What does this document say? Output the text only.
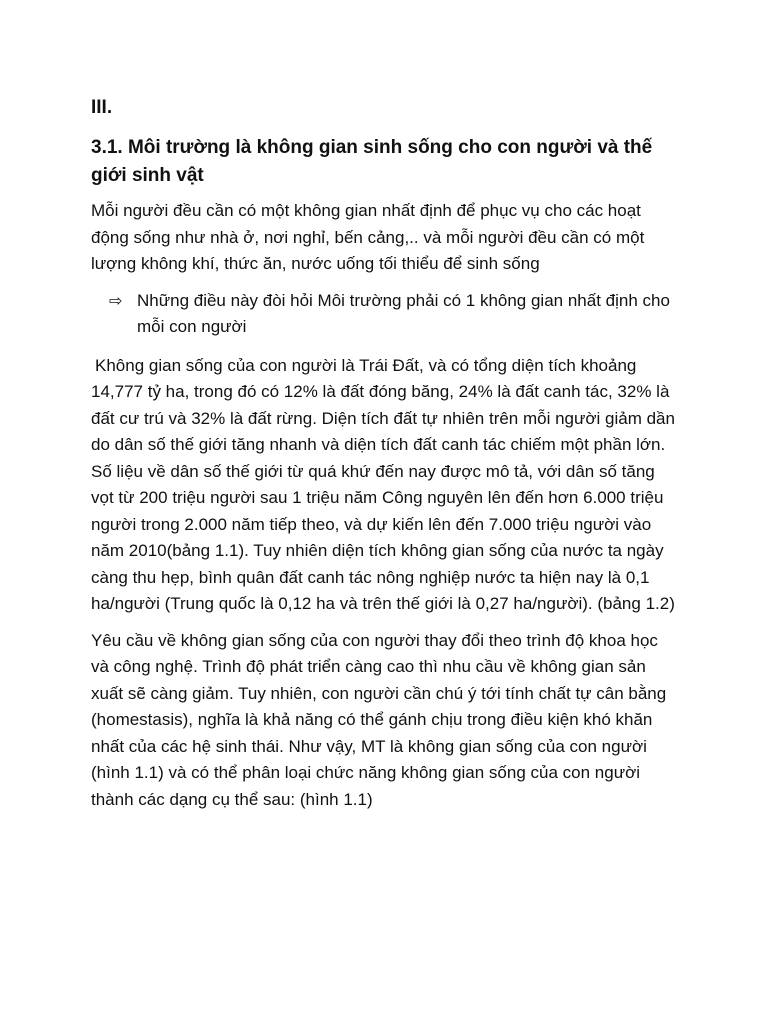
III.
3.1. Môi trường là không gian sinh sống cho con người và thế giới sinh vật

Mỗi người đều cần có một không gian nhất định để phục vụ cho các hoạt động sống như nhà ở, nơi nghỉ, bến cảng,.. và mỗi người đều cần có một lượng không khí, thức ăn, nước uống tối thiểu để sinh sống

⇨ Những điều này đòi hỏi Môi trường phải có 1 không gian nhất định cho mỗi con người

Không gian sống của con người là Trái Đất, và có tổng diện tích khoảng 14,777 tỷ ha, trong đó có 12% là đất đóng băng, 24% là đất canh tác, 32% là đất cư trú và 32% là đất rừng. Diện tích đất tự nhiên trên mỗi người giảm dần do dân số thế giới tăng nhanh và diện tích đất canh tác chiếm một phần lớn. Số liệu về dân số thế giới từ quá khứ đến nay được mô tả, với dân số tăng vọt từ 200 triệu người sau 1 triệu năm Công nguyên lên đến hơn 6.000 triệu người trong 2.000 năm tiếp theo, và dự kiến lên đến 7.000 triệu người vào năm 2010(bảng 1.1). Tuy nhiên diện tích không gian sống của nước ta ngày càng thu hẹp, bình quân đất canh tác nông nghiệp nước ta hiện nay là 0,1 ha/người (Trung quốc là 0,12 ha và trên thế giới là 0,27 ha/người). (bảng 1.2)

Yêu cầu về không gian sống của con người thay đổi theo trình độ khoa học và công nghệ. Trình độ phát triển càng cao thì nhu cầu về không gian sản xuất sẽ càng giảm. Tuy nhiên, con người cần chú ý tới tính chất tự cân bằng (homestasis), nghĩa là khả năng có thể gánh chịu trong điều kiện khó khăn nhất của các hệ sinh thái. Như vậy, MT là không gian sống của con người (hình 1.1) và có thể phân loại chức năng không gian sống của con người thành các dạng cụ thể sau: (hình 1.1)
